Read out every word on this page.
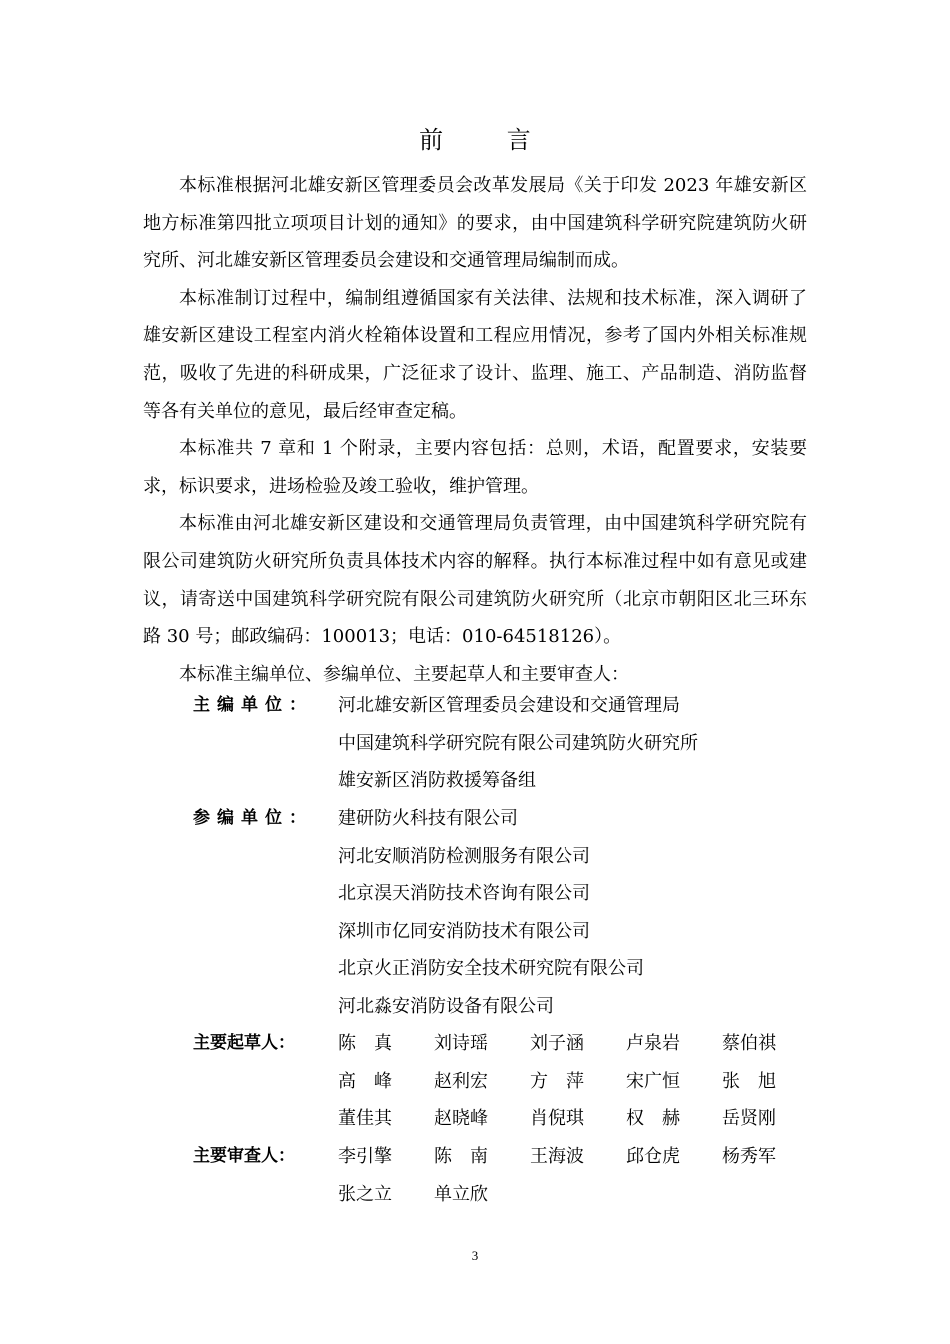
前 言

本标准根据河北雄安新区管理委员会改革发展局《关于印发 2023 年雄安新区地方标准第四批立项项目计划的通知》的要求，由中国建筑科学研究院建筑防火研究所、河北雄安新区管理委员会建设和交通管理局编制而成。

本标准制订过程中，编制组遵循国家有关法律、法规和技术标准，深入调研了雄安新区建设工程室内消火栓箱体设置和工程应用情况，参考了国内外相关标准规范，吸收了先进的科研成果，广泛征求了设计、监理、施工、产品制造、消防监督等各有关单位的意见，最后经审查定稿。

本标准共 7 章和 1 个附录，主要内容包括：总则，术语，配置要求，安装要求，标识要求，进场检验及竣工验收，维护管理。

本标准由河北雄安新区建设和交通管理局负责管理，由中国建筑科学研究院有限公司建筑防火研究所负责具体技术内容的解释。执行本标准过程中如有意见或建议，请寄送中国建筑科学研究院有限公司建筑防火研究所（北京市朝阳区北三环东路 30 号；邮政编码：100013；电话：010-64518126）。

本标准主编单位、参编单位、主要起草人和主要审查人：

主编单位：	河北雄安新区管理委员会建设和交通管理局
中国建筑科学研究院有限公司建筑防火研究所
雄安新区消防救援筹备组
参编单位：	建研防火科技有限公司
河北安顺消防检测服务有限公司
北京淏天消防技术咨询有限公司
深圳市亿同安消防技术有限公司
北京火正消防安全技术研究院有限公司
河北淼安消防设备有限公司
主要起草人：	陈　真	刘诗瑶	刘子涵	卢泉岩	蔡伯祺
高　峰	赵利宏	方　萍	宋广恒	张　旭
董佳其	赵晓峰	肖倪琪	权　赫	岳贤刚
主要审查人：	李引擎	陈　南	王海波	邱仓虎	杨秀军
张之立	单立欣
3
